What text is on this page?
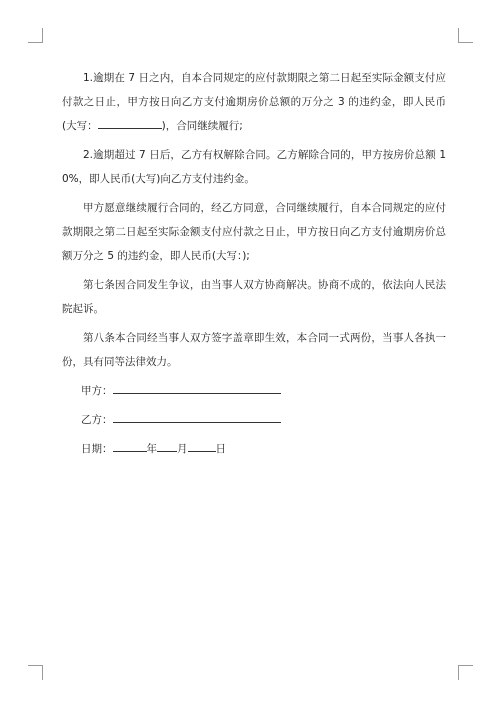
1.逾期在 7 日之内，自本合同规定的应付款期限之第二日起至实际金额支付应付款之日止，甲方按日向乙方支付逾期房价总额的万分之 3 的违约金，即人民币(大写：	)，合同继续履行;

2.逾期超过 7 日后，乙方有权解除合同。乙方解除合同的，甲方按房价总额 10%，即人民币(大写)向乙方支付违约金。

甲方愿意继续履行合同的，经乙方同意，合同继续履行，自本合同规定的应付款期限之第二日起至实际金额支付应付款之日止，甲方按日向乙方支付逾期房价总额万分之 5 的违约金，即人民币(大写：);

第七条因合同发生争议，由当事人双方协商解决。协商不成的，依法向人民法院起诉。

第八条本合同经当事人双方签字盖章即生效，本合同一式两份，当事人各执一份，具有同等法律效力。

甲方：

乙方：

日期：	年 月	日
